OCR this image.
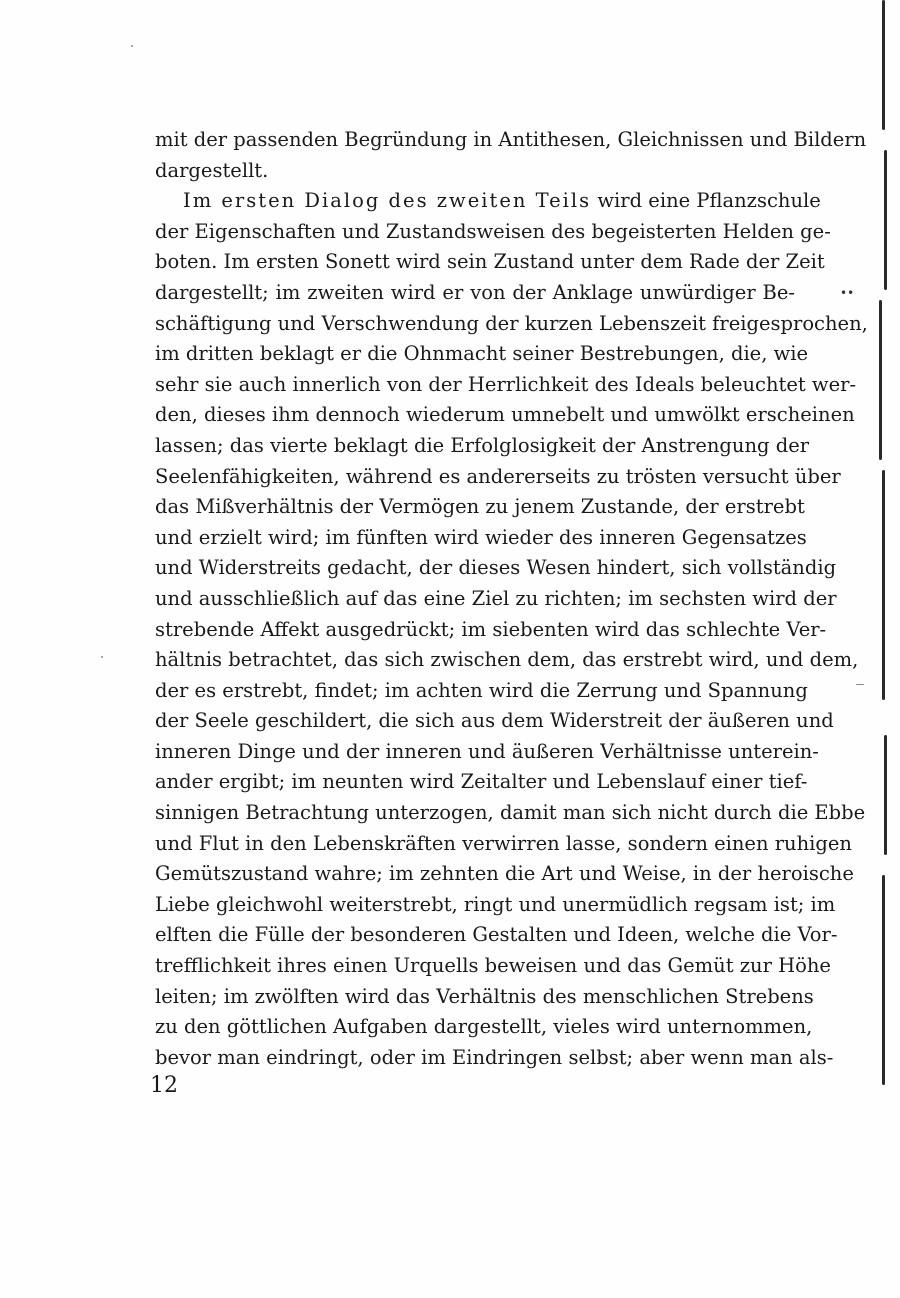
mit der passenden Begründung in Antithesen, Gleichnissen und Bildern
dargestellt.
Im ersten Dialog des zweiten Teils wird eine Pflanzschule
der Eigenschaften und Zustandsweisen des begeisterten Helden ge-
boten. Im ersten Sonett wird sein Zustand unter dem Rade der Zeit
dargestellt; im zweiten wird er von der Anklage unwürdiger Be-
schäftigung und Verschwendung der kurzen Lebenszeit freigesprochen,
im dritten beklagt er die Ohnmacht seiner Bestrebungen, die, wie
sehr sie auch innerlich von der Herrlichkeit des Ideals beleuchtet wer-
den, dieses ihm dennoch wiederum umnebelt und umwölkt erscheinen
lassen; das vierte beklagt die Erfolglosigkeit der Anstrengung der
Seelenfähigkeiten, während es andererseits zu trösten versucht über
das Mißverhältnis der Vermögen zu jenem Zustande, der erstrebt
und erzielt wird; im fünften wird wieder des inneren Gegensatzes
und Widerstreits gedacht, der dieses Wesen hindert, sich vollständig
und ausschließlich auf das eine Ziel zu richten; im sechsten wird der
strebende Affekt ausgedrückt; im siebenten wird das schlechte Ver-
hältnis betrachtet, das sich zwischen dem, das erstrebt wird, und dem,
der es erstrebt, findet; im achten wird die Zerrung und Spannung
der Seele geschildert, die sich aus dem Widerstreit der äußeren und
inneren Dinge und der inneren und äußeren Verhältnisse unterein-
ander ergibt; im neunten wird Zeitalter und Lebenslauf einer tief-
sinnigen Betrachtung unterzogen, damit man sich nicht durch die Ebbe
und Flut in den Lebenskräften verwirren lasse, sondern einen ruhigen
Gemütszustand wahre; im zehnten die Art und Weise, in der heroische
Liebe gleichwohl weiterstrebt, ringt und unermüdlich regsam ist; im
elften die Fülle der besonderen Gestalten und Ideen, welche die Vor-
trefflichkeit ihres einen Urquells beweisen und das Gemüt zur Höhe
leiten; im zwölften wird das Verhältnis des menschlichen Strebens
zu den göttlichen Aufgaben dargestellt, vieles wird unternommen,
bevor man eindringt, oder im Eindringen selbst; aber wenn man als-
12
••
